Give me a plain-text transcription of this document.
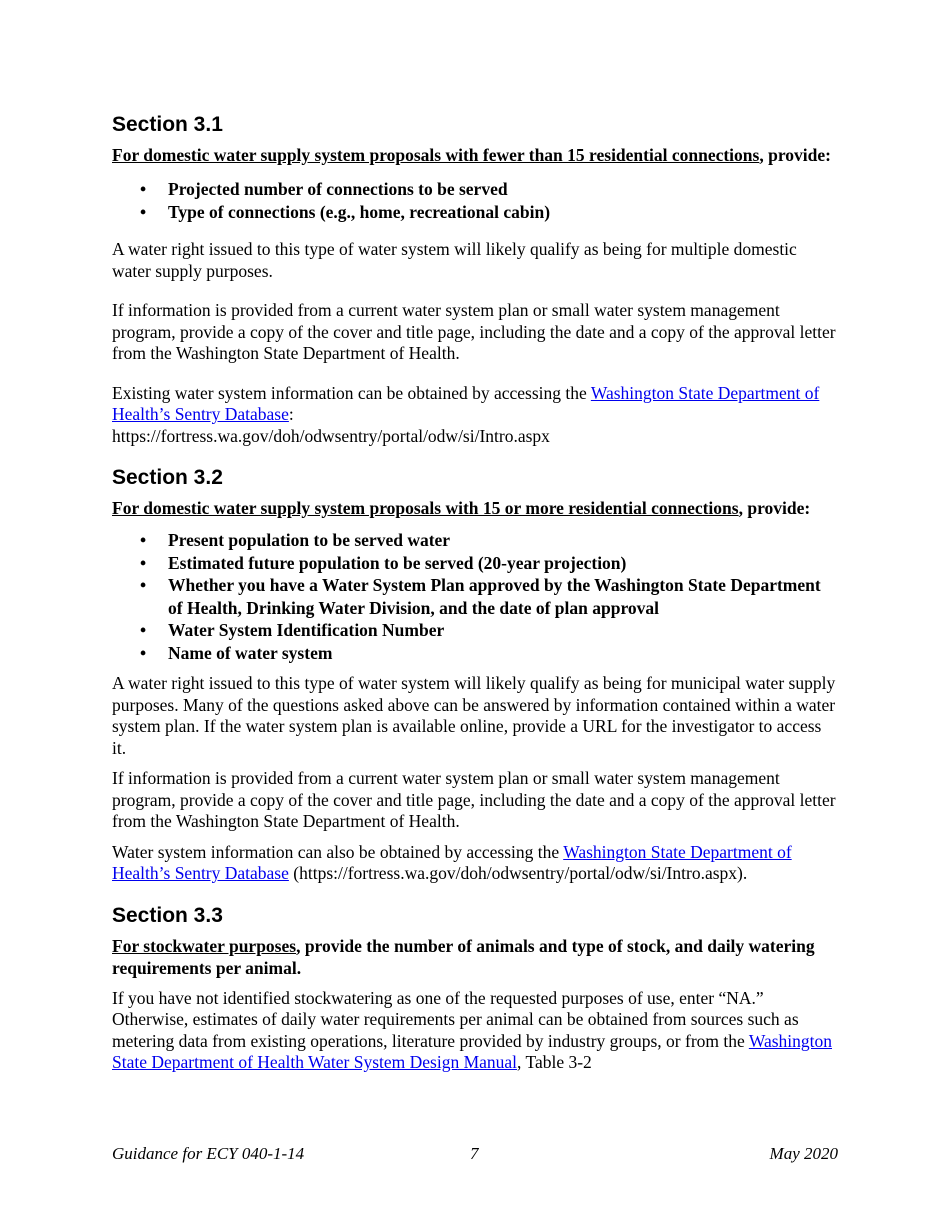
Section 3.1

For domestic water supply system proposals with fewer than 15 residential connections, provide:

• Projected number of connections to be served
• Type of connections (e.g., home, recreational cabin)

A water right issued to this type of water system will likely qualify as being for multiple domestic water supply purposes.

If information is provided from a current water system plan or small water system management program, provide a copy of the cover and title page, including the date and a copy of the approval letter from the Washington State Department of Health.

Existing water system information can be obtained by accessing the Washington State Department of Health’s Sentry Database:
https://fortress.wa.gov/doh/odwsentry/portal/odw/si/Intro.aspx

Section 3.2

For domestic water supply system proposals with 15 or more residential connections, provide:

• Present population to be served water
• Estimated future population to be served (20-year projection)
• Whether you have a Water System Plan approved by the Washington State Department of Health, Drinking Water Division, and the date of plan approval
• Water System Identification Number
• Name of water system

A water right issued to this type of water system will likely qualify as being for municipal water supply purposes. Many of the questions asked above can be answered by information contained within a water system plan. If the water system plan is available online, provide a URL for the investigator to access it.

If information is provided from a current water system plan or small water system management program, provide a copy of the cover and title page, including the date and a copy of the approval letter from the Washington State Department of Health.

Water system information can also be obtained by accessing the Washington State Department of Health’s Sentry Database (https://fortress.wa.gov/doh/odwsentry/portal/odw/si/Intro.aspx).

Section 3.3

For stockwater purposes, provide the number of animals and type of stock, and daily watering requirements per animal.

If you have not identified stockwatering as one of the requested purposes of use, enter “NA.” Otherwise, estimates of daily water requirements per animal can be obtained from sources such as metering data from existing operations, literature provided by industry groups, or from the Washington State Department of Health Water System Design Manual, Table 3-2

Guidance for ECY 040-1-14	7	May 2020
